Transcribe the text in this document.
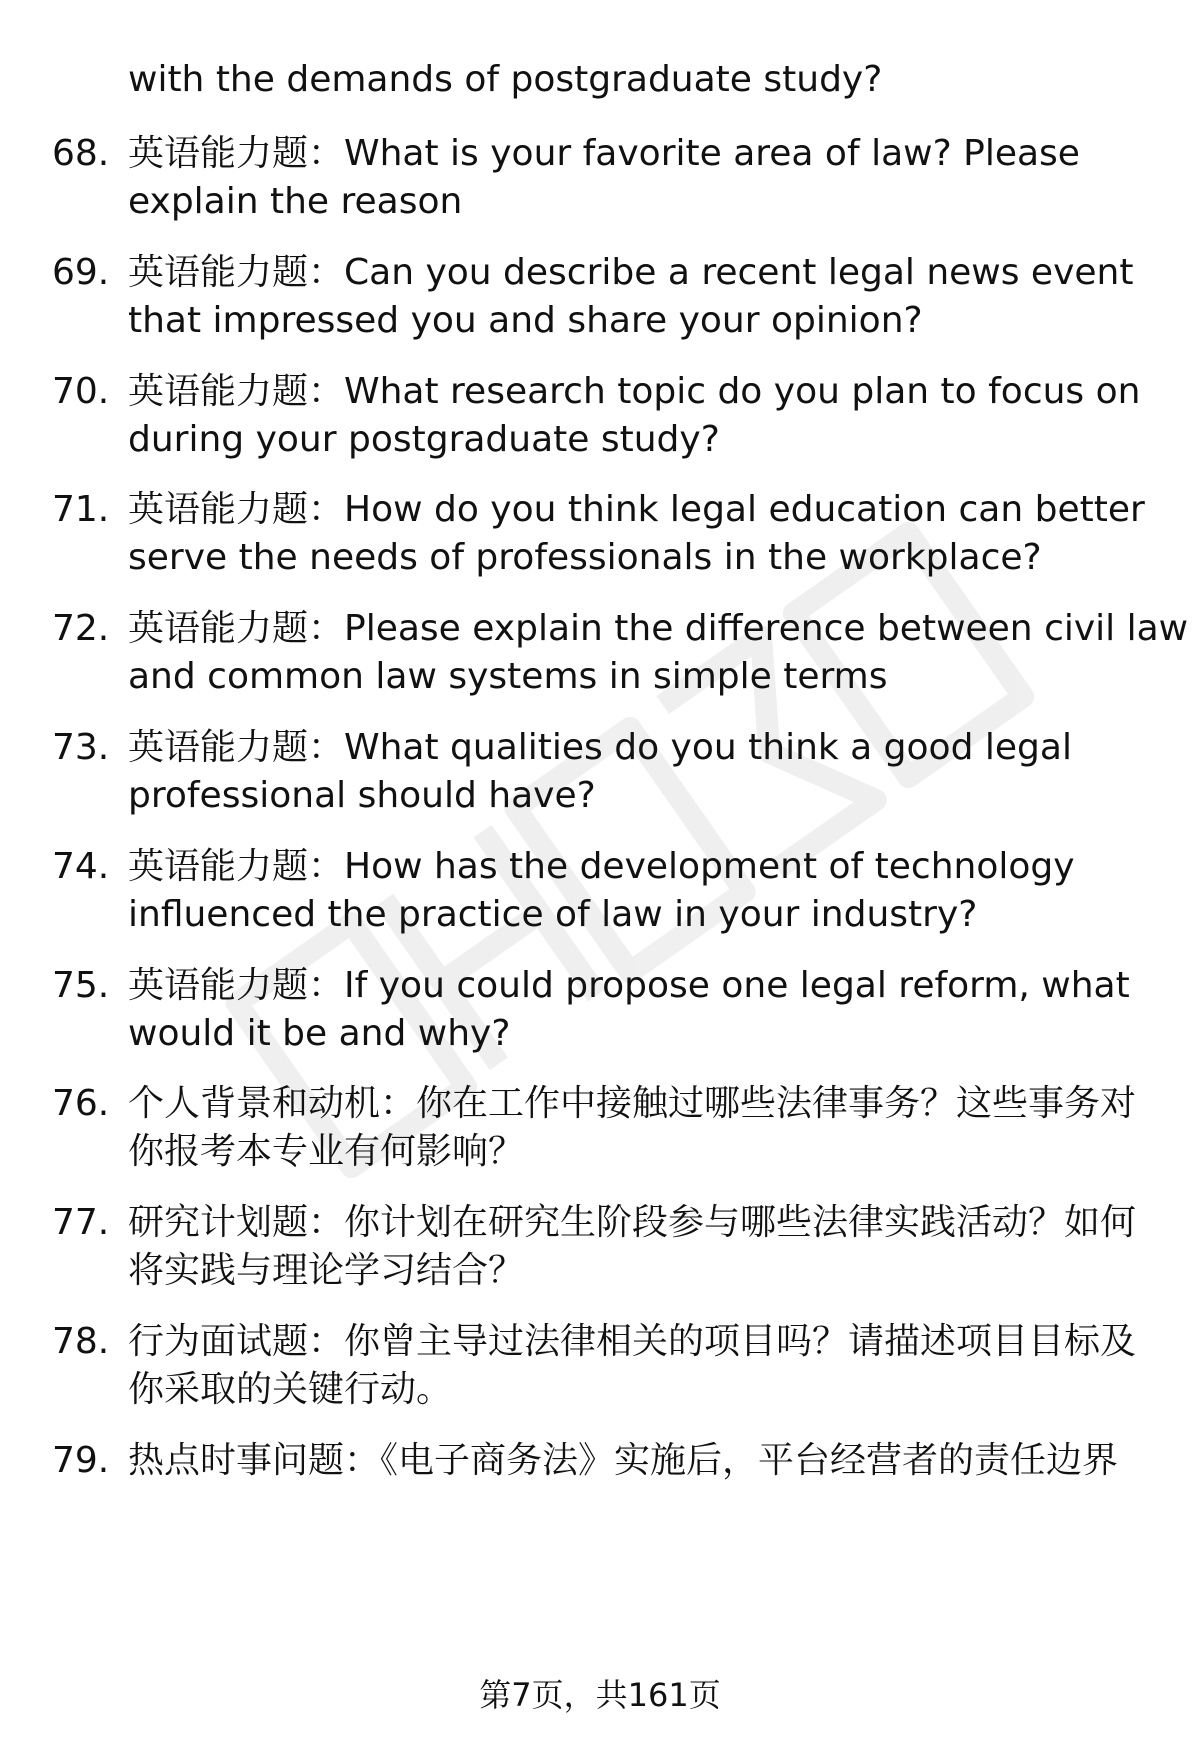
with the demands of postgraduate study?
68. 英语能力题：What is your favorite area of law? Please
explain the reason
69. 英语能力题：Can you describe a recent legal news event
that impressed you and share your opinion?
70. 英语能力题：What research topic do you plan to focus on
during your postgraduate study?
71. 英语能力题：How do you think legal education can better
serve the needs of professionals in the workplace?
72. 英语能力题：Please explain the difference between civil law
and common law systems in simple terms
73. 英语能力题：What qualities do you think a good legal
professional should have?
74. 英语能力题：How has the development of technology
influenced the practice of law in your industry?
75. 英语能力题：If you could propose one legal reform, what
would it be and why?
76. 个人背景和动机：你在工作中接触过哪些法律事务？这些事务对
你报考本专业有何影响？
77. 研究计划题：你计划在研究生阶段参与哪些法律实践活动？如何
将实践与理论学习结合？
78. 行为面试题：你曾主导过法律相关的项目吗？请描述项目目标及
你采取的关键行动。
79. 热点时事问题：《电子商务法》实施后，平台经营者的责任边界
第7页，共161页
